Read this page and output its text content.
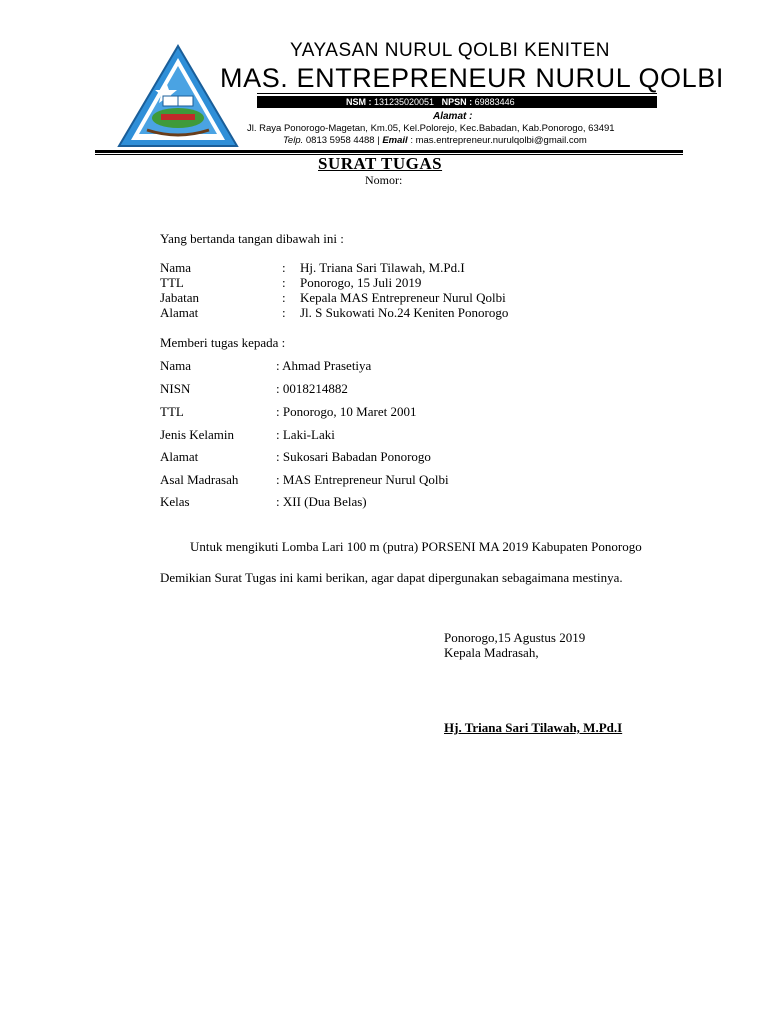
YAYASAN NURUL QOLBI KENITEN
MAS. ENTREPRENEUR NURUL QOLBI
NSM : 131235020051 NPSN : 69883446
Alamat :
Jl. Raya Ponorogo-Magetan, Km.05, Kel.Polorejo, Kec.Babadan, Kab.Ponorogo, 63491
Telp. 0813 5958 4488 | Email : mas.entrepreneur.nurulqolbi@gmail.com
SURAT TUGAS
Nomor:
Yang bertanda tangan dibawah ini :
Nama	: Hj. Triana Sari Tilawah, M.Pd.I
TTL	: Ponorogo, 15 Juli 2019
Jabatan	: Kepala MAS Entrepreneur Nurul Qolbi
Alamat	: Jl. S Sukowati No.24 Keniten Ponorogo
Memberi tugas kepada :
Nama	: Ahmad Prasetiya
NISN	: 0018214882
TTL	: Ponorogo, 10 Maret 2001
Jenis Kelamin	: Laki-Laki
Alamat	: Sukosari Babadan Ponorogo
Asal Madrasah	: MAS Entrepreneur Nurul Qolbi
Kelas	: XII (Dua Belas)
Untuk mengikuti Lomba Lari 100 m (putra) PORSENI MA 2019 Kabupaten Ponorogo
Demikian Surat Tugas ini kami berikan, agar dapat dipergunakan sebagaimana mestinya.
Ponorogo,15 Agustus 2019
Kepala Madrasah,
Hj. Triana Sari Tilawah, M.Pd.I
